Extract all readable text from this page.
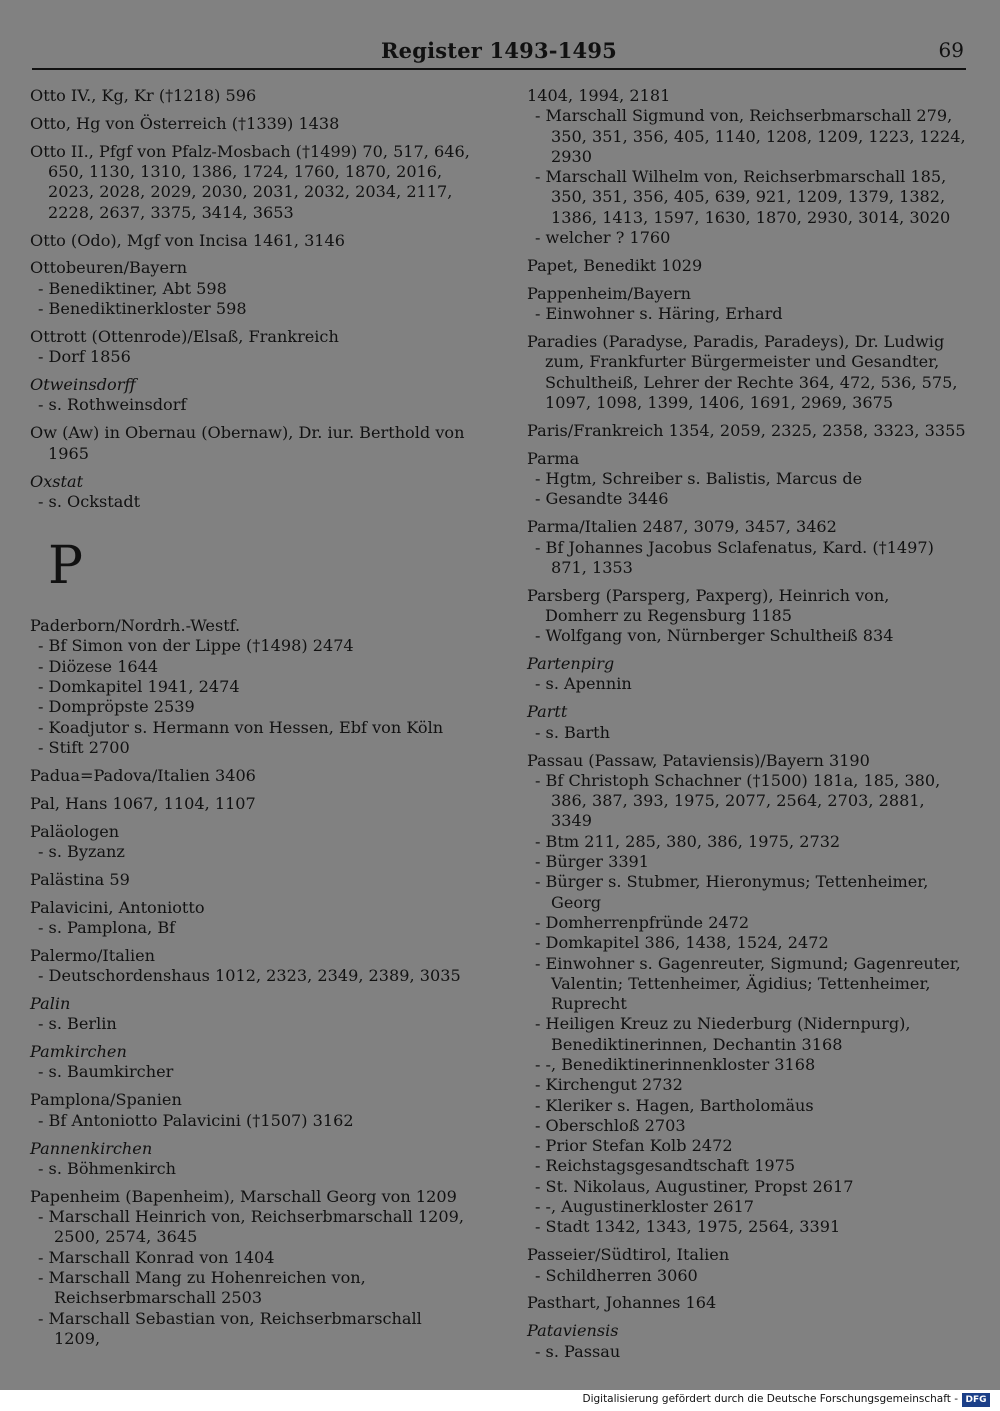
Register 1493-1495	69
Otto IV., Kg, Kr (†1218) 596
Otto, Hg von Österreich (†1339) 1438
Otto II., Pfgf von Pfalz-Mosbach (†1499) 70, 517, 646, 650, 1130, 1310, 1386, 1724, 1760, 1870, 2016, 2023, 2028, 2029, 2030, 2031, 2032, 2034, 2117, 2228, 2637, 3375, 3414, 3653
Otto (Odo), Mgf von Incisa 1461, 3146
Ottobeuren/Bayern
- Benediktiner, Abt 598
- Benediktinerkloster 598
Ottrott (Ottenrode)/Elsaß, Frankreich
- Dorf 1856
Otweinsdorff
- s. Rothweinsdorf
Ow (Aw) in Obernau (Obernaw), Dr. iur. Berthold von 1965
Oxstat
- s. Ockstadt
P
Paderborn/Nordrh.-Westf.
- Bf Simon von der Lippe (†1498) 2474
- Diözese 1644
- Domkapitel 1941, 2474
- Dompröpste 2539
- Koadjutor s. Hermann von Hessen, Ebf von Köln
- Stift 2700
Padua=Padova/Italien 3406
Pal, Hans 1067, 1104, 1107
Paläologen
- s. Byzanz
Palästina 59
Palavicini, Antoniotto
- s. Pamplona, Bf
Palermo/Italien
- Deutschordenshaus 1012, 2323, 2349, 2389, 3035
Palin
- s. Berlin
Pamkirchen
- s. Baumkircher
Pamplona/Spanien
- Bf Antoniotto Palavicini (†1507) 3162
Pannenkirchen
- s. Böhmenkirch
Papenheim (Bapenheim), Marschall Georg von 1209
- Marschall Heinrich von, Reichserbmarschall 1209, 2500, 2574, 3645
- Marschall Konrad von 1404
- Marschall Mang zu Hohenreichen von, Reichserbmarschall 2503
- Marschall Sebastian von, Reichserbmarschall 1209,
1404, 1994, 2181
- Marschall Sigmund von, Reichserbmarschall 279, 350, 351, 356, 405, 1140, 1208, 1209, 1223, 1224, 2930
- Marschall Wilhelm von, Reichserbmarschall 185, 350, 351, 356, 405, 639, 921, 1209, 1379, 1382, 1386, 1413, 1597, 1630, 1870, 2930, 3014, 3020
- welcher ? 1760
Papet, Benedikt 1029
Pappenheim/Bayern
- Einwohner s. Häring, Erhard
Paradies (Paradyse, Paradis, Paradeys), Dr. Ludwig zum, Frankfurter Bürgermeister und Gesandter, Schultheiß, Lehrer der Rechte 364, 472, 536, 575, 1097, 1098, 1399, 1406, 1691, 2969, 3675
Paris/Frankreich 1354, 2059, 2325, 2358, 3323, 3355
Parma
- Hgtm, Schreiber s. Balistis, Marcus de
- Gesandte 3446
Parma/Italien 2487, 3079, 3457, 3462
- Bf Johannes Jacobus Sclafenatus, Kard. (†1497) 871, 1353
Parsberg (Parsperg, Paxperg), Heinrich von, Domherr zu Regensburg 1185
- Wolfgang von, Nürnberger Schultheiß 834
Partenpirg
- s. Apennin
Partt
- s. Barth
Passau (Passaw, Pataviensis)/Bayern 3190
- Bf Christoph Schachner (†1500) 181a, 185, 380, 386, 387, 393, 1975, 2077, 2564, 2703, 2881, 3349
- Btm 211, 285, 380, 386, 1975, 2732
- Bürger 3391
- Bürger s. Stubmer, Hieronymus; Tettenheimer, Georg
- Domherrenpfründe 2472
- Domkapitel 386, 1438, 1524, 2472
- Einwohner s. Gagenreuter, Sigmund; Gagenreuter, Valentin; Tettenheimer, Ägidius; Tettenheimer, Ruprecht
- Heiligen Kreuz zu Niederburg (Nidernpurg), Benediktinerinnen, Dechantin 3168
- -, Benediktinerinnenkloster 3168
- Kirchengut 2732
- Kleriker s. Hagen, Bartholomäus
- Oberschloß 2703
- Prior Stefan Kolb 2472
- Reichstagsgesandtschaft 1975
- St. Nikolaus, Augustiner, Propst 2617
- -, Augustinerkloster 2617
- Stadt 1342, 1343, 1975, 2564, 3391
Passeier/Südtirol, Italien
- Schildherren 3060
Pasthart, Johannes 164
Pataviensis
- s. Passau
Digitalisierung gefördert durch die Deutsche Forschungsgemeinschaft - DFG
